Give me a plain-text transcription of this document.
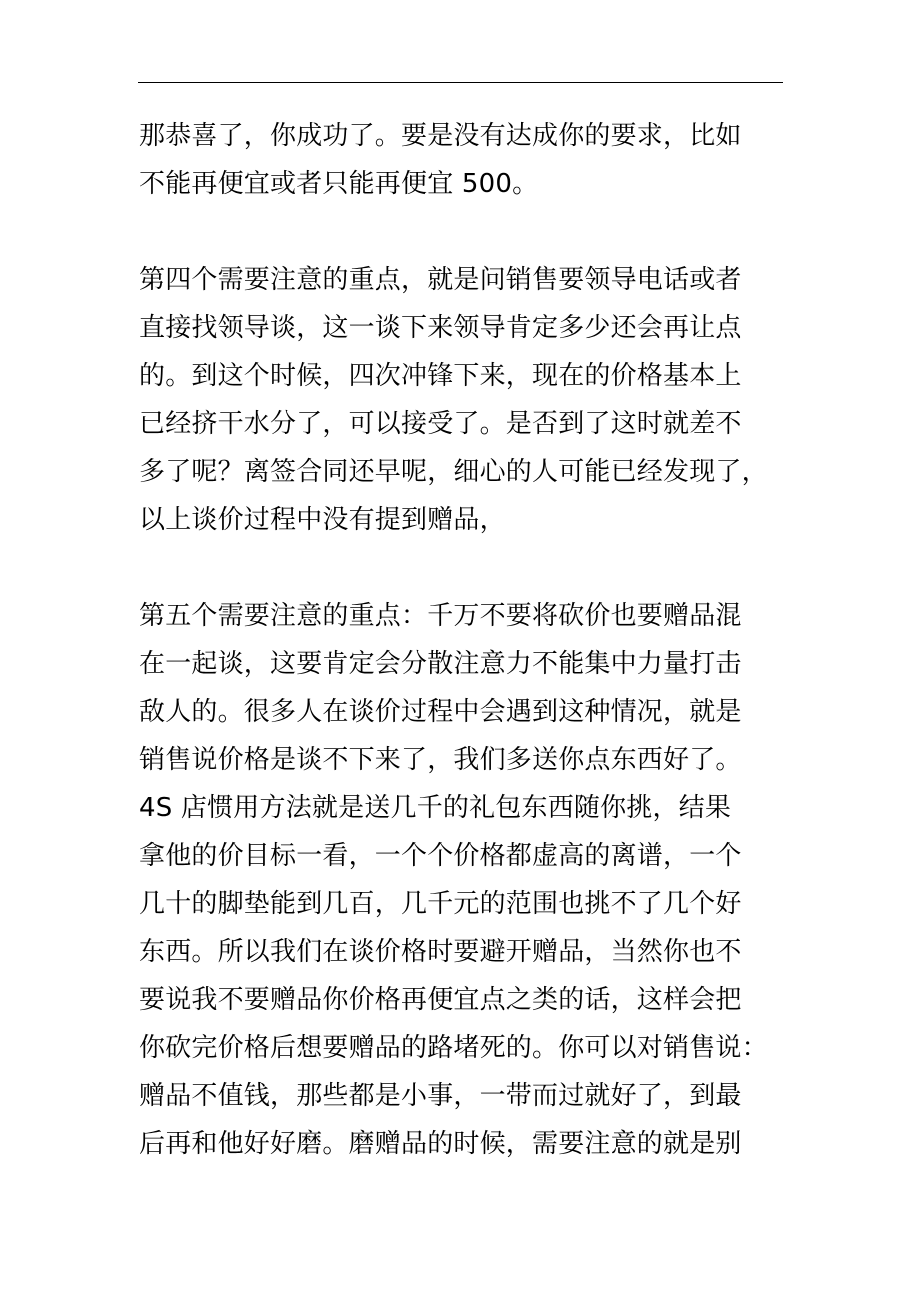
那恭喜了，你成功了。要是没有达成你的要求，比如
不能再便宜或者只能再便宜 500。
第四个需要注意的重点，就是问销售要领导电话或者
直接找领导谈，这一谈下来领导肯定多少还会再让点
的。到这个时候，四次冲锋下来，现在的价格基本上
已经挤干水分了，可以接受了。是否到了这时就差不
多了呢？离签合同还早呢，细心的人可能已经发现了，
以上谈价过程中没有提到赠品，
第五个需要注意的重点：千万不要将砍价也要赠品混
在一起谈，这要肯定会分散注意力不能集中力量打击
敌人的。很多人在谈价过程中会遇到这种情况，就是
销售说价格是谈不下来了，我们多送你点东西好了。
4S 店惯用方法就是送几千的礼包东西随你挑，结果
拿他的价目标一看，一个个价格都虚高的离谱，一个
几十的脚垫能到几百，几千元的范围也挑不了几个好
东西。所以我们在谈价格时要避开赠品，当然你也不
要说我不要赠品你价格再便宜点之类的话，这样会把
你砍完价格后想要赠品的路堵死的。你可以对销售说：
赠品不值钱，那些都是小事，一带而过就好了，到最
后再和他好好磨。磨赠品的时候，需要注意的就是别
